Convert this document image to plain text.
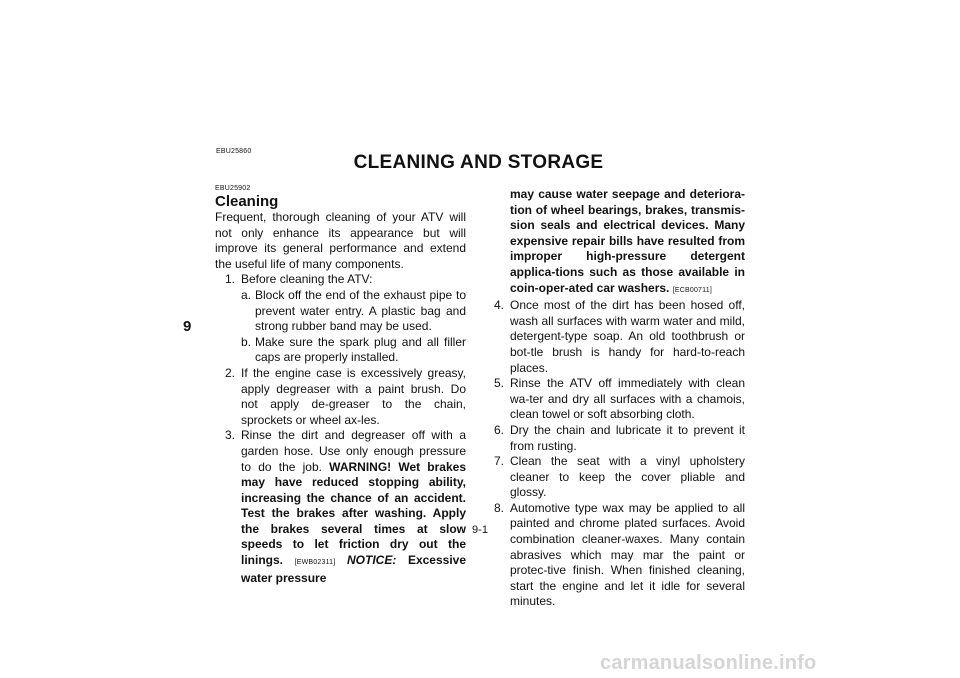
EBU25860
CLEANING AND STORAGE
9
EBU25902
Cleaning

Frequent, thorough cleaning of your ATV will not only enhance its appearance but will improve its general performance and extend the useful life of many components.

1. Before cleaning the ATV:
a. Block off the end of the exhaust pipe to prevent water entry. A plastic bag and strong rubber band may be used.
b. Make sure the spark plug and all filler caps are properly installed.
2. If the engine case is excessively greasy, apply degreaser with a paint brush. Do not apply de-greaser to the chain, sprockets or wheel ax-les.
3. Rinse the dirt and degreaser off with a garden hose. Use only enough pressure to do the job. WARNING! Wet brakes may have reduced stopping ability, increasing the chance of an accident. Test the brakes after washing. Apply the brakes several times at slow speeds to let friction dry out the linings. [EWB02311] NOTICE: Excessive water pressure
may cause water seepage and deteriora-tion of wheel bearings, brakes, transmis-sion seals and electrical devices. Many expensive repair bills have resulted from improper high-pressure detergent applica-tions such as those available in coin-oper-ated car washers. [ECB00711]
4. Once most of the dirt has been hosed off, wash all surfaces with warm water and mild, detergent-type soap. An old toothbrush or bot-tle brush is handy for hard-to-reach places.
5. Rinse the ATV off immediately with clean wa-ter and dry all surfaces with a chamois, clean towel or soft absorbing cloth.
6. Dry the chain and lubricate it to prevent it from rusting.
7. Clean the seat with a vinyl upholstery cleaner to keep the cover pliable and glossy.
8. Automotive type wax may be applied to all painted and chrome plated surfaces. Avoid combination cleaner-waxes. Many contain abrasives which may mar the paint or protec-tive finish. When finished cleaning, start the engine and let it idle for several minutes.
9-1
carmanualsonline.info
